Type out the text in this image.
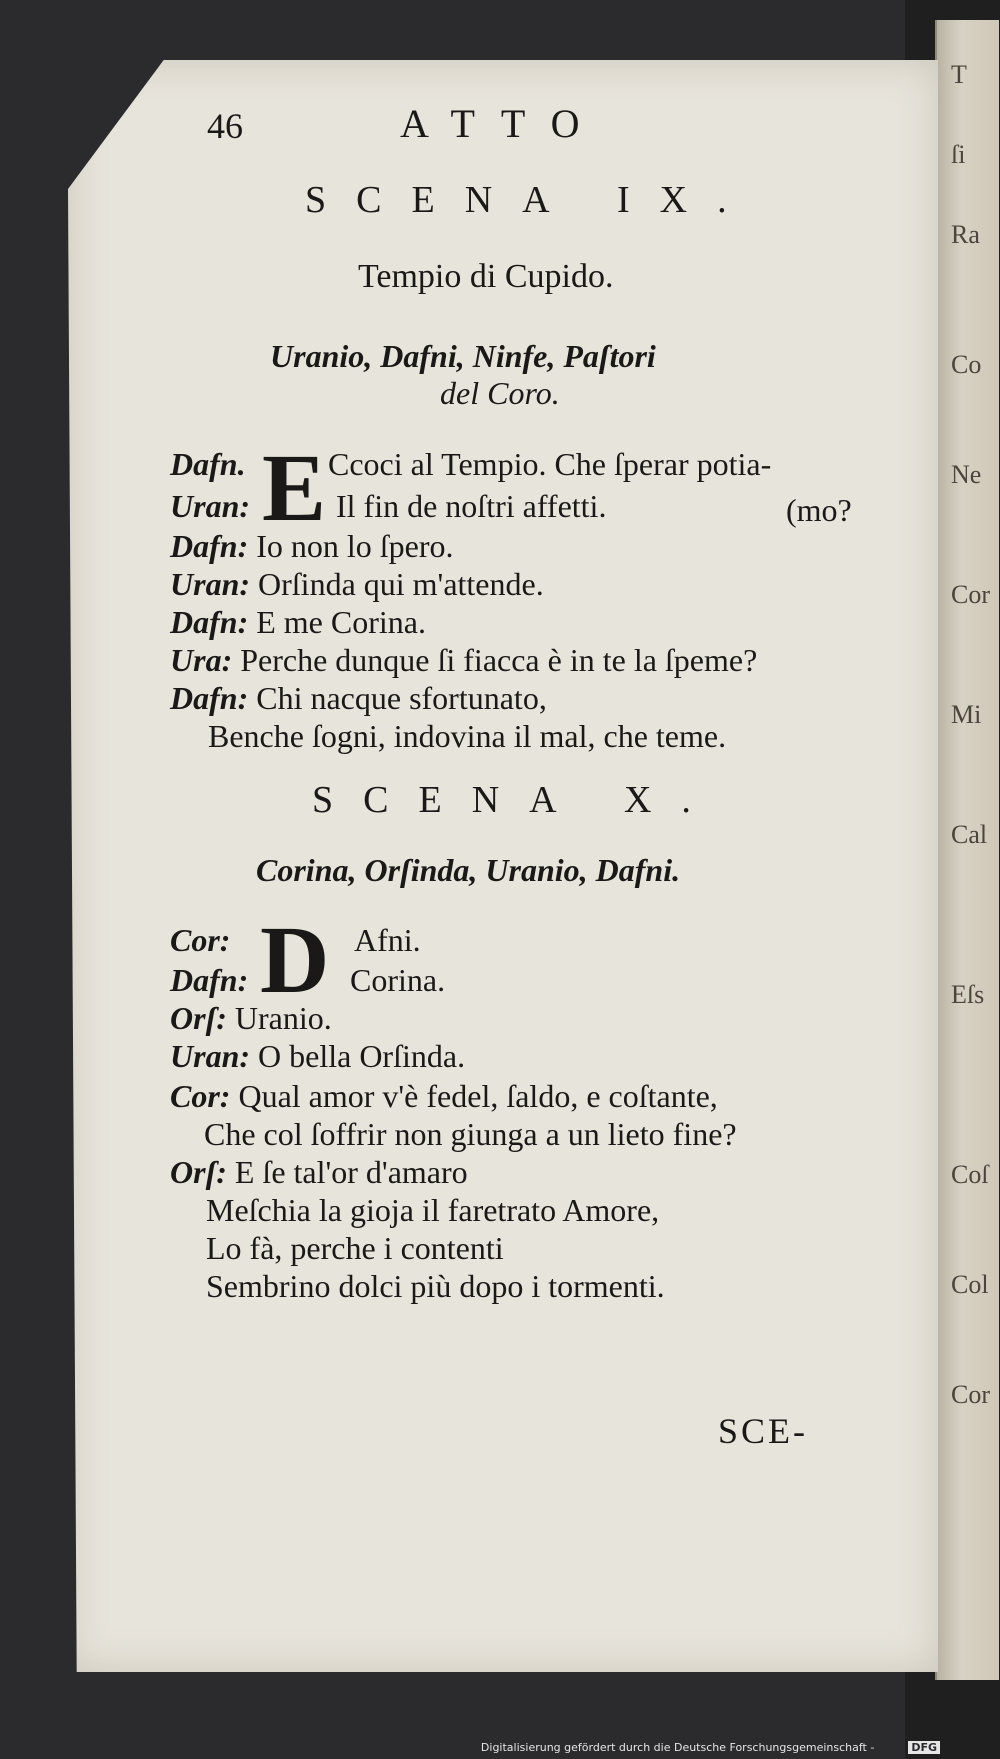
T
ſi
Ra
Co
Ne
Cor
Mi
Cal
Eſs
Coſ
Col
Cor
46	ATTO
SCENA IX.
Tempio di Cupido.
Uranio, Dafni, Ninfe, Paſtori
del Coro.
E
Dafn.	Ccoci al Tempio. Che ſperar potia-
Uran:	Il fin de noſtri affetti.	(mo?
Dafn: Io non lo ſpero.
Uran: Orſinda qui m'attende.
Dafn: E me Corina.
Ura: Perche dunque ſi fiacca è in te la ſpeme?
Dafn: Chi nacque sfortunato,
Benche ſogni, indovina il mal, che teme.
SCENA X.
Corina, Orſinda, Uranio, Dafni.
D
Cor:	Afni.
Dafn:	Corina.
Orſ: Uranio.
Uran: O bella Orſinda.
Cor: Qual amor v'è fedel, ſaldo, e coſtante,
Che col ſoffrir non giunga a un lieto fine?
Orſ: E ſe tal'or d'amaro
Meſchia la gioja il faretrato Amore,
Lo fà, perche i contenti
Sembrino dolci più dopo i tormenti.
SCE-
Digitalisierung gefördert durch die Deutsche Forschungsgemeinschaft -	DFG
